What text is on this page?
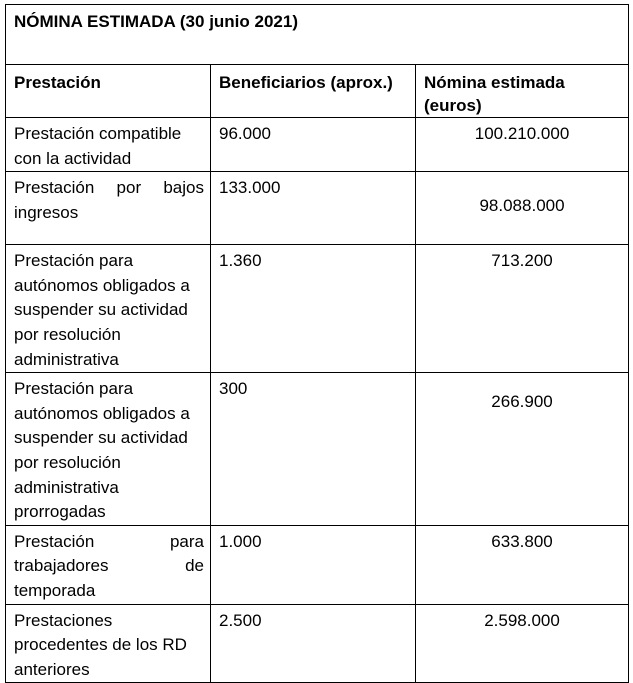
NÓMINA ESTIMADA (30 junio 2021)		

Prestación	Beneficiarios (aprox.)	Nómina estimada (euros)

Prestación compatible con la actividad	96.000	100.210.000

Prestación por bajos ingresos	133.000	98.088.000

Prestación para autónomos obligados a suspender su actividad por resolución administrativa	1.360	713.200

Prestación para autónomos obligados a suspender su actividad por resolución administrativa prorrogadas	300	266.900

Prestación para trabajadores de temporada	1.000	633.800

Prestaciones procedentes de los RD anteriores	2.500	2.598.000
